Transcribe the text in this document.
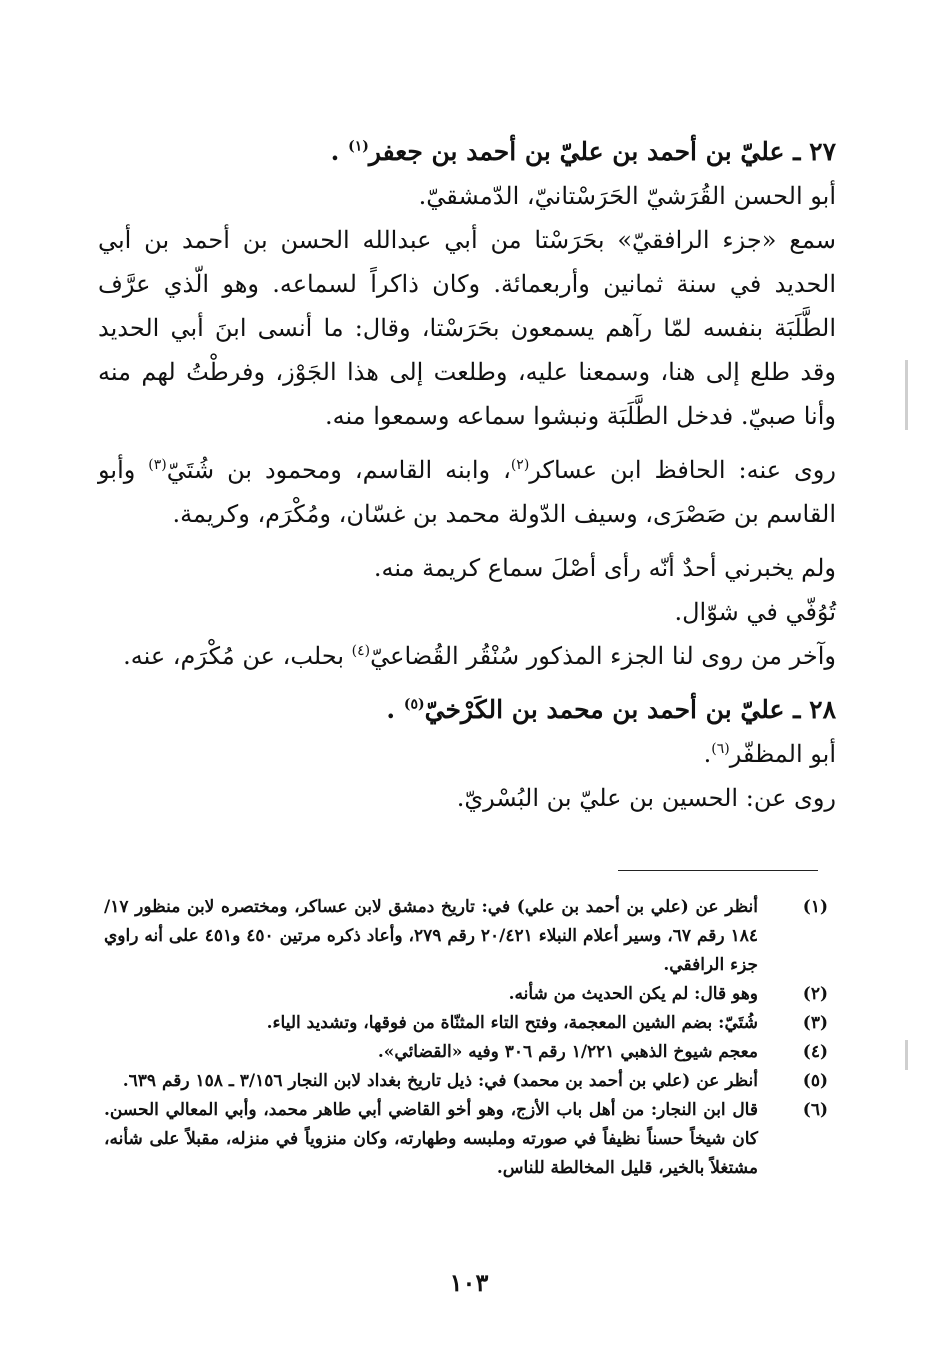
٢٧ ـ عليّ بن أحمد بن عليّ بن أحمد بن جعفر$^{(١)}$ .

أبو الحسن القُرَشيّ الحَرَسْتانيّ، الدّمشقيّ.

سمع «جزء الرافقيّ» بحَرَسْتا من أبي عبدالله الحسن بن أحمد بن أبي الحديد في سنة ثمانين وأربعمائة. وكان ذاكراً لسماعه. وهو الّذي عرَّف الطَّلَبَة بنفسه لمّا رآهم يسمعون بحَرَسْتا، وقال: ما أنسى ابنَ أبي الحديد وقد طلع إلى هنا، وسمعنا عليه، وطلعت إلى هذا الجَوْز، وفرطْتُ لهم منه وأنا صبيّ. فدخل الطَّلَبَة ونبشوا سماعه وسمعوا منه.

روى عنه: الحافظ ابن عساكر$^{(٢)}$، وابنه القاسم، ومحمود بن شُتَيّ$^{(٣)}$ وأبو القاسم بن صَصْرَى، وسيف الدّولة محمد بن غسّان، ومُكْرَم، وكريمة.

ولم يخبرني أحدٌ أنّه رأى أصْلَ سماع كريمة منه.

تُوُفّي في شوّال.

وآخر من روى لنا الجزء المذكور سُنْقُر القُضاعيّ$^{(٤)}$ بحلب، عن مُكْرَم، عنه.

٢٨ ـ عليّ بن أحمد بن محمد بن الكَرْخيّ$^{(٥)}$ .

أبو المظفّر$^{(٦)}$.

روى عن: الحسين بن عليّ بن البُسْريّ.

(١)
أنظر عن (علي بن أحمد بن علي) في: تاريخ دمشق لابن عساكر، ومختصره لابن منظور ١٧/ ١٨٤ رقم ٦٧، وسير أعلام النبلاء ٢٠/٤٢١ رقم ٢٧٩، وأعاد ذكره مرتين ٤٥٠ و٤٥١ على أنه راوي جزء الرافقي.
(٢)
وهو قال: لم يكن الحديث من شأنه.
(٣)
شُتَيّ: بضم الشين المعجمة، وفتح التاء المثنّاة من فوقها، وتشديد الياء.
(٤)
معجم شيوخ الذهبي ١/٢٢١ رقم ٣٠٦ وفيه «القضائي».
(٥)
أنظر عن (علي بن أحمد بن محمد) في: ذيل تاريخ بغداد لابن النجار ٣/١٥٦ ـ ١٥٨ رقم ٦٣٩.
(٦)
قال ابن النجار: من أهل باب الأزج، وهو أخو القاضي أبي طاهر محمد، وأبي المعالي الحسن. كان شيخاً حسناً نظيفاً في صورته وملبسه وطهارته، وكان منزوياً في منزله، مقبلاً على شأنه، مشتغلاً بالخير، قليل المخالطة للناس.
١٠٣
